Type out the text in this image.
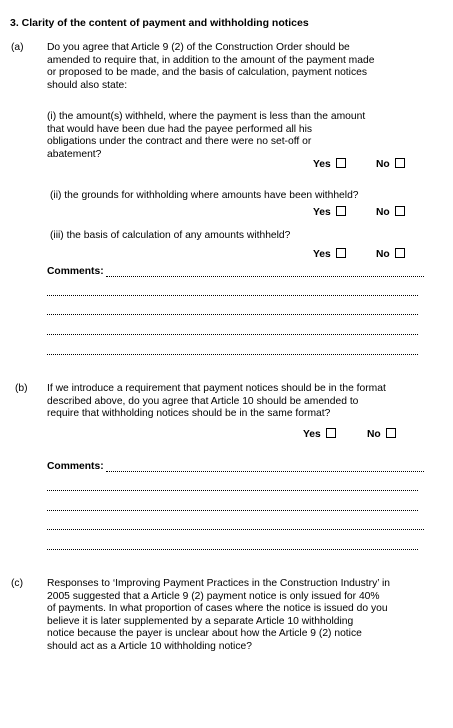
3. Clarity of the content of payment and withholding notices
(a) Do you agree that Article 9 (2) of the Construction Order should be
amended to require that, in addition to the amount of the payment made
or proposed to be made, and the basis of calculation, payment notices
should also state:
(i) the amount(s) withheld, where the payment is less than the amount
that would have been due had the payee performed all his
obligations under the contract and there were no set-off or
abatement?
Yes	No
(ii) the grounds for withholding where amounts have been withheld?
Yes	No
(iii) the basis of calculation of any amounts withheld?
Yes	No
Comments:
(b) If we introduce a requirement that payment notices should be in the format
described above, do you agree that Article 10 should be amended to
require that withholding notices should be in the same format?
Yes	No
Comments:
(c) Responses to ‘Improving Payment Practices in the Construction Industry’ in
2005 suggested that a Article 9 (2) payment notice is only issued for 40%
of payments. In what proportion of cases where the notice is issued do you
believe it is later supplemented by a separate Article 10 withholding
notice because the payer is unclear about how the Article 9 (2) notice
should act as a Article 10 withholding notice?
